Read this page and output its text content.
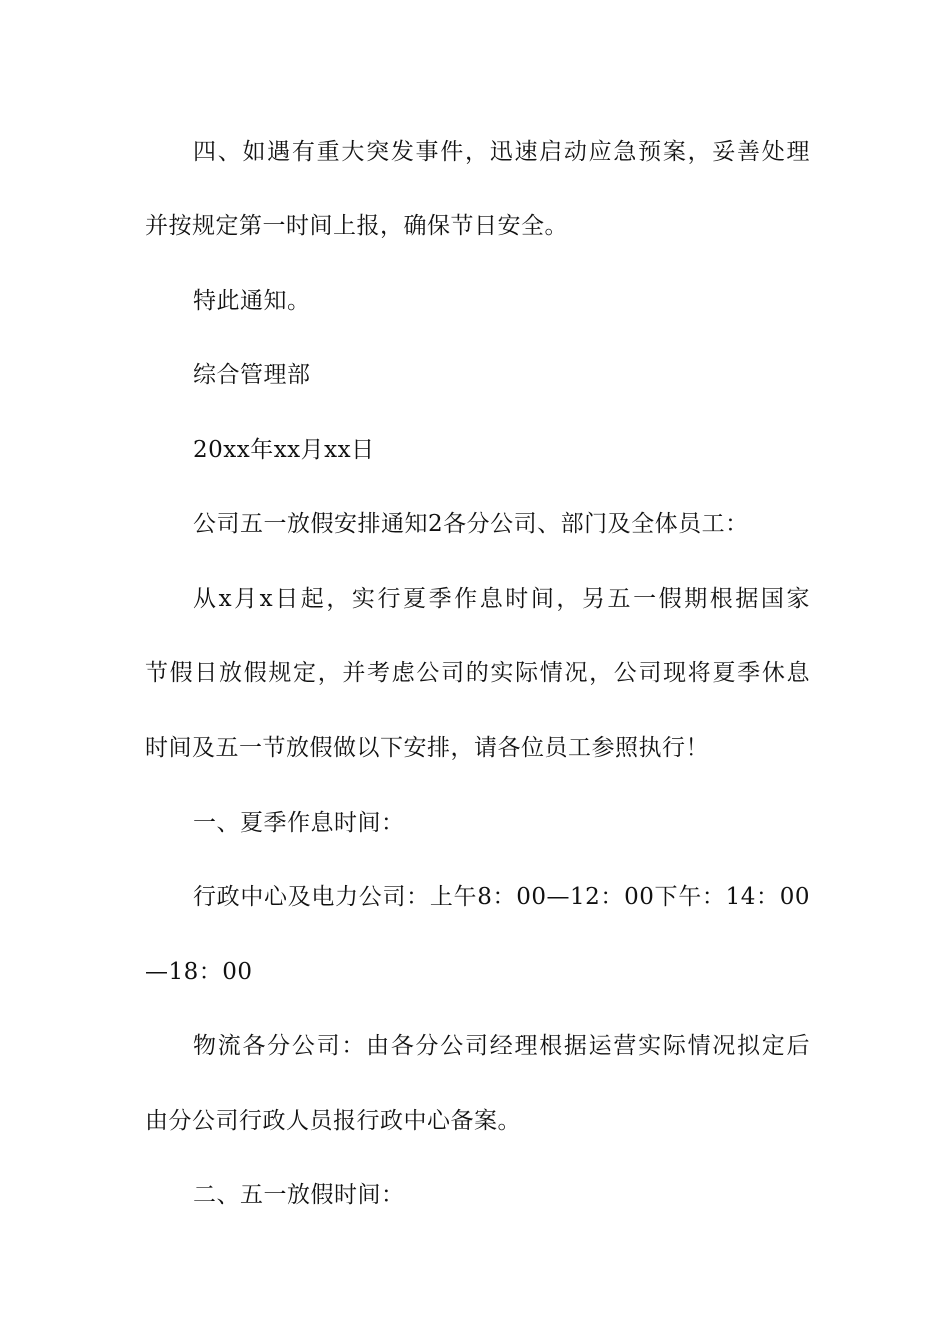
四、如遇有重大突发事件，迅速启动应急预案，妥善处理
并按规定第一时间上报，确保节日安全。
特此通知。
综合管理部
20xx年xx月xx日
公司五一放假安排通知2各分公司、部门及全体员工：
从x月x日起，实行夏季作息时间，另五一假期根据国家
节假日放假规定，并考虑公司的实际情况，公司现将夏季休息
时间及五一节放假做以下安排，请各位员工参照执行！
一、夏季作息时间：
行政中心及电力公司：上午8：00—12：00下午：14：00
—18：00
物流各分公司：由各分公司经理根据运营实际情况拟定后
由分公司行政人员报行政中心备案。
二、五一放假时间：
